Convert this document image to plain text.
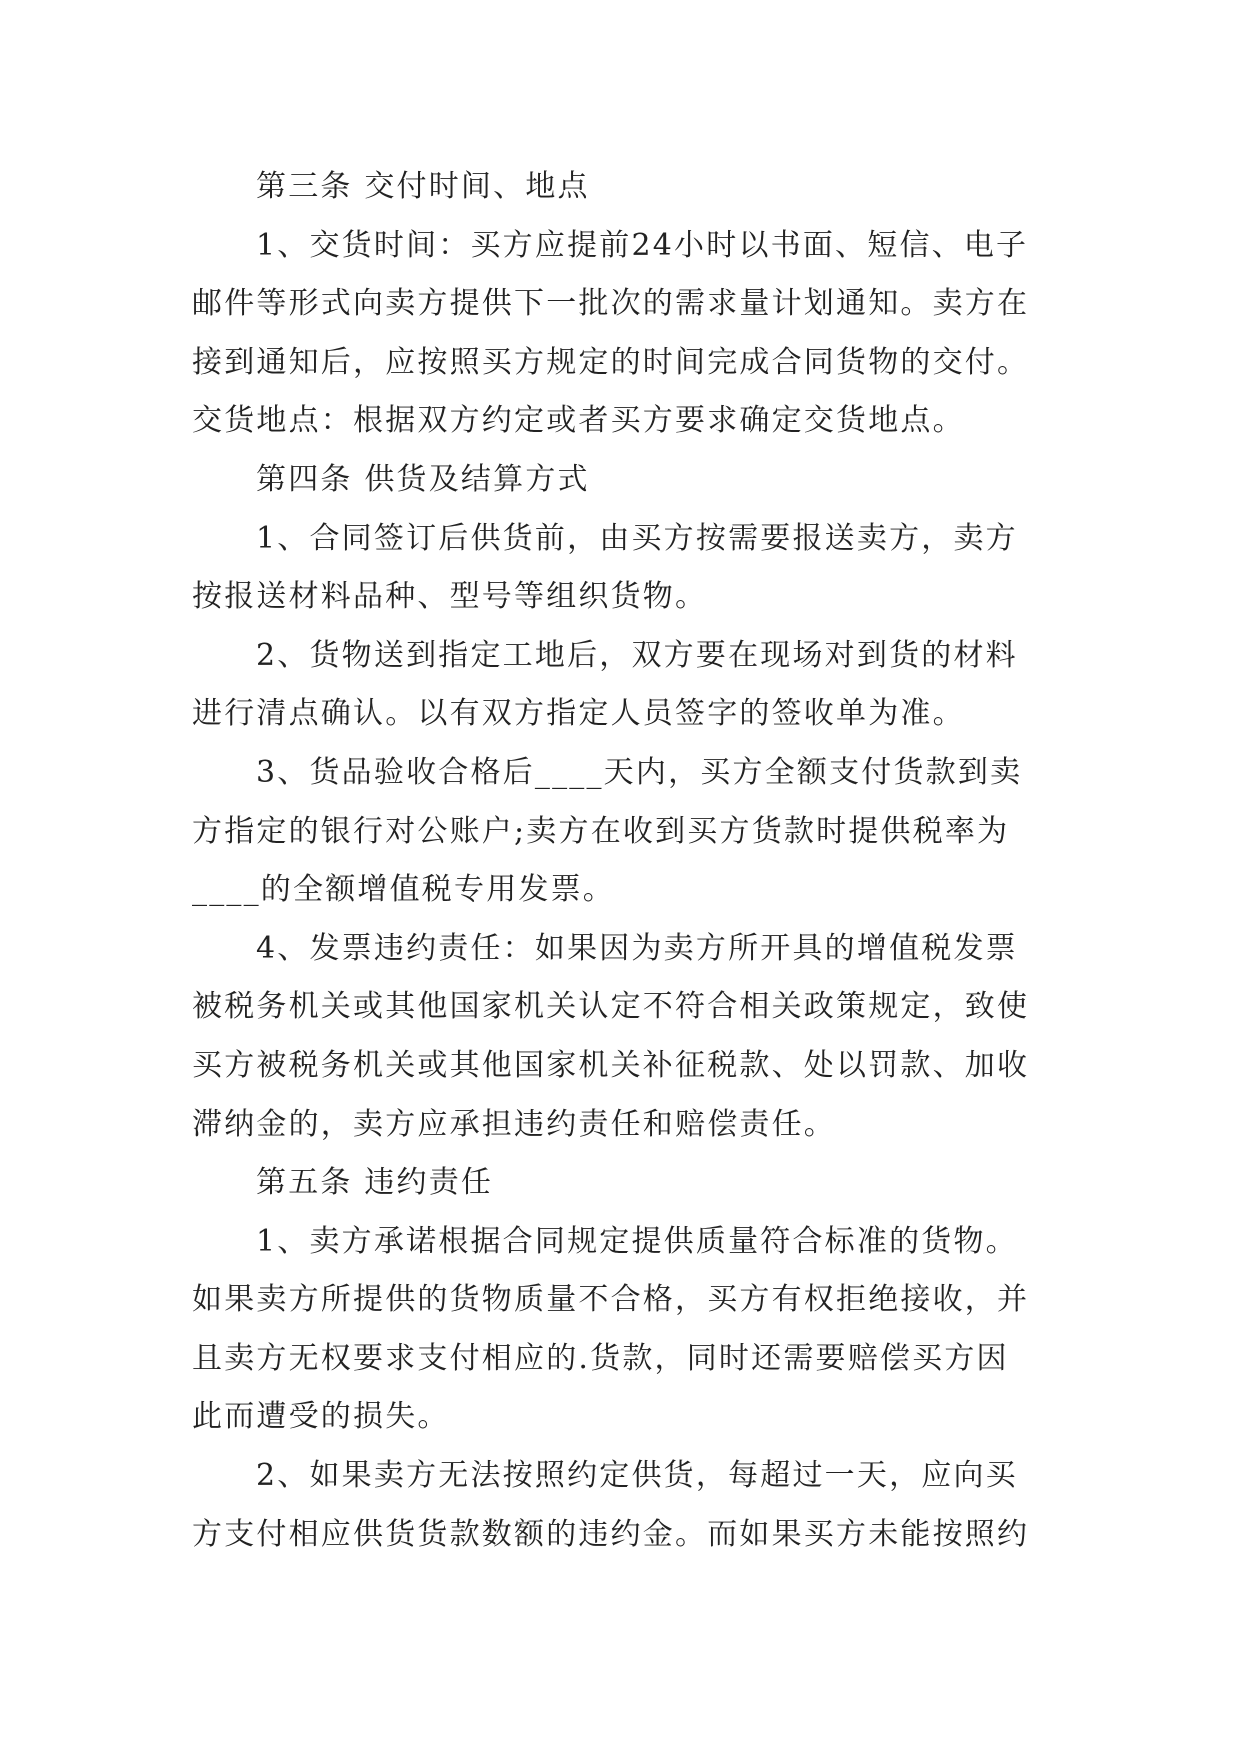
第三条 交付时间、地点
1、交货时间：买方应提前24小时以书面、短信、电子
邮件等形式向卖方提供下一批次的需求量计划通知。卖方在
接到通知后，应按照买方规定的时间完成合同货物的交付。
交货地点：根据双方约定或者买方要求确定交货地点。
第四条 供货及结算方式
1、合同签订后供货前，由买方按需要报送卖方，卖方
按报送材料品种、型号等组织货物。
2、货物送到指定工地后，双方要在现场对到货的材料
进行清点确认。以有双方指定人员签字的签收单为准。
3、货品验收合格后____天内，买方全额支付货款到卖
方指定的银行对公账户;卖方在收到买方货款时提供税率为
____的全额增值税专用发票。
4、发票违约责任：如果因为卖方所开具的增值税发票
被税务机关或其他国家机关认定不符合相关政策规定，致使
买方被税务机关或其他国家机关补征税款、处以罚款、加收
滞纳金的，卖方应承担违约责任和赔偿责任。
第五条 违约责任
1、卖方承诺根据合同规定提供质量符合标准的货物。
如果卖方所提供的货物质量不合格，买方有权拒绝接收，并
且卖方无权要求支付相应的.货款，同时还需要赔偿买方因
此而遭受的损失。
2、如果卖方无法按照约定供货，每超过一天，应向买
方支付相应供货货款数额的违约金。而如果买方未能按照约
